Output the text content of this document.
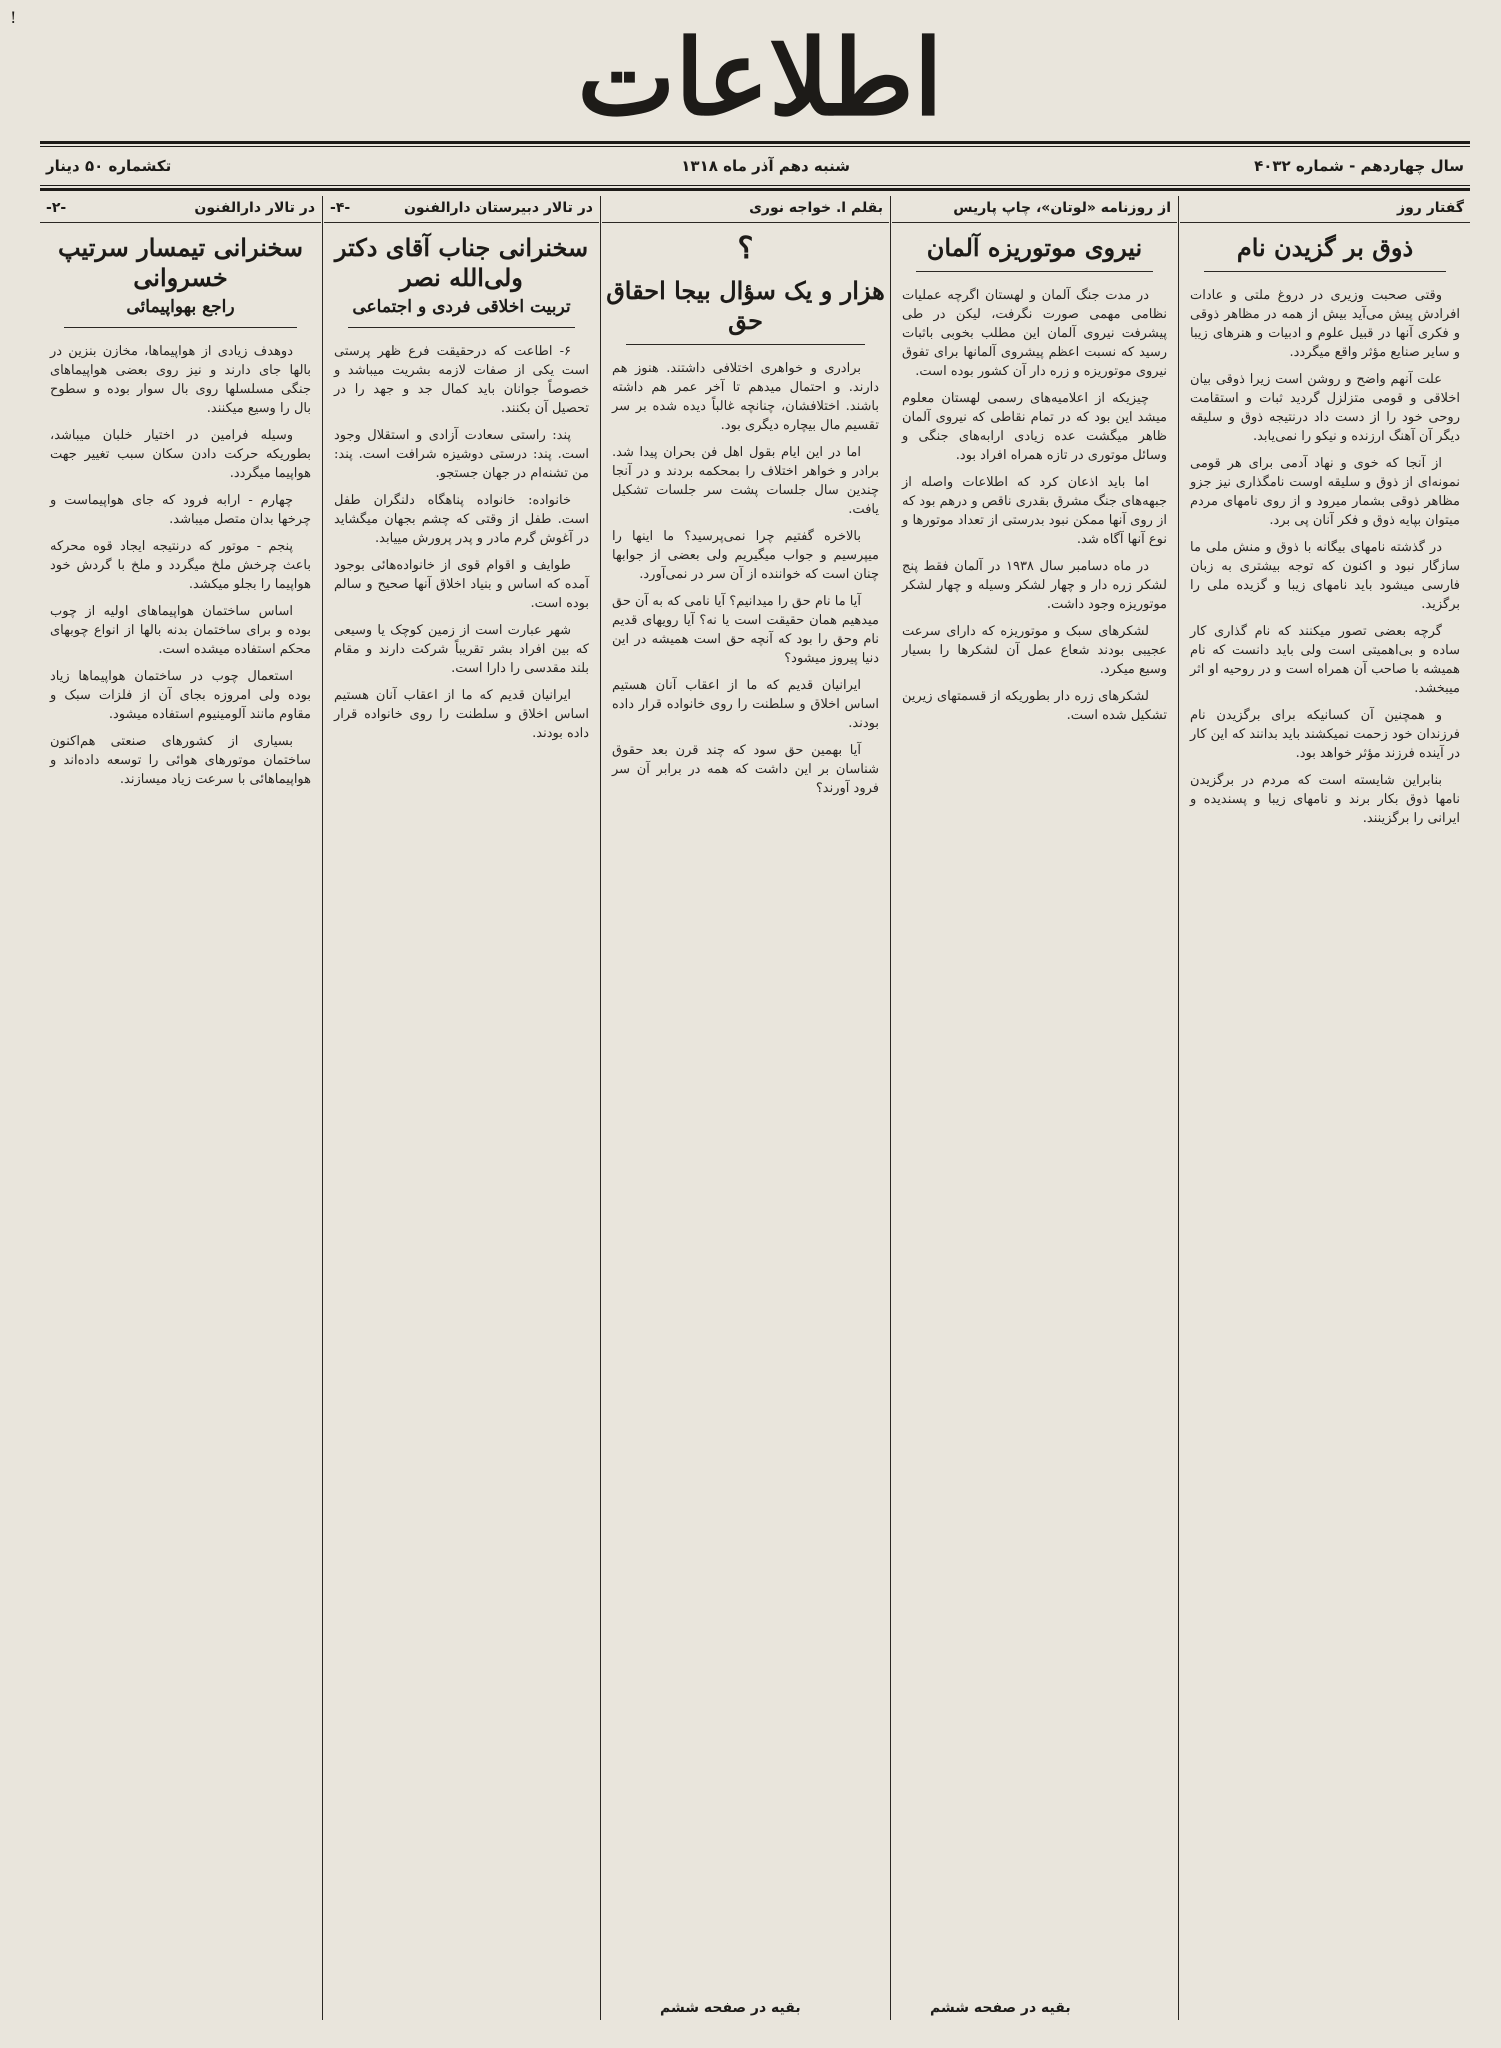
!	اطلاعات
سال چهاردهم - شماره ۴۰۳۲
شنبه دهم آذر ماه ۱۳۱۸
تکشماره ۵۰ دینار
گفتار روز
ذوق بر گزیدن نام

وقتی صحبت وزیری در دروغ ملتی و عادات افرادش پیش می‌آید بیش از همه در مظاهر ذوقی و فکری آنها در قبیل علوم و ادبیات و هنرهای زیبا و سایر صنایع مؤثر واقع میگردد.

علت آنهم واضح و روشن است زیرا ذوقی بیان اخلاقی و قومی متزلزل گردید ثبات و استقامت روحی خود را از دست داد درنتیجه ذوق و سلیقه دیگر آن آهنگ ارزنده و نیکو را نمی‌یابد.

از آنجا که خوی و نهاد آدمی برای هر قومی نمونه‌ای از ذوق و سلیقه اوست نامگذاری نیز جزو مظاهر ذوقی بشمار میرود و از روی نامهای مردم میتوان بپایه ذوق و فکر آنان پی برد.

در گذشته نامهای بیگانه با ذوق و منش ملی ما سازگار نبود و اکنون که توجه بیشتری به زبان فارسی میشود باید نامهای زیبا و گزیده ملی را برگزید.

گرچه بعضی تصور میکنند که نام گذاری کار ساده و بی‌اهمیتی است ولی باید دانست که نام همیشه با صاحب آن همراه است و در روحیه او اثر میبخشد.

و همچنین آن کسانیکه برای برگزیدن نام فرزندان خود زحمت نمیکشند باید بدانند که این کار در آینده فرزند مؤثر خواهد بود.

بنابراین شایسته است که مردم در برگزیدن نامها ذوق بکار برند و نامهای زیبا و پسندیده و ایرانی را برگزینند.

از روزنامه «لوتان»، چاپ پاریس
نیروی موتوریزه آلمان

در مدت جنگ آلمان و لهستان اگرچه عملیات نظامی مهمی صورت نگرفت، لیکن در طی پیشرفت نیروی آلمان این مطلب بخوبی باثبات رسید که نسبت اعظم پیشروی آلمانها برای تفوق نیروی موتوریزه و زره دار آن کشور بوده است.

چیزیکه از اعلامیه‌های رسمی لهستان معلوم میشد این بود که در تمام نقاطی که نیروی آلمان ظاهر میگشت عده زیادی ارابه‌های جنگی و وسائل موتوری در تازه همراه افراد بود.

اما باید اذعان کرد که اطلاعات واصله از جبهه‌های جنگ مشرق بقدری ناقص و درهم بود که از روی آنها ممکن نبود بدرستی از تعداد موتورها و نوع آنها آگاه شد.

در ماه دسامبر سال ۱۹۳۸ در آلمان فقط پنج لشکر زره دار و چهار لشکر وسیله و چهار لشکر موتوریزه وجود داشت.

لشکرهای سبک و موتوریزه که دارای سرعت عجیبی بودند شعاع عمل آن لشکرها را بسیار وسیع میکرد.

لشکرهای زره دار بطوریکه از قسمتهای زیرین تشکیل شده است.

بقیه در صفحه ششم
بقلم ا. خواجه نوری
؟
هزار و یک سؤال بیجا احقاق حق

برادری و خواهری اختلافی داشتند. هنوز هم دارند. و احتمال میدهم تا آخر عمر هم داشته باشند. اختلافشان، چنانچه غالباً دیده شده بر سر تقسیم مال بیچاره دیگری بود.

اما در این ایام بقول اهل فن بحران پیدا شد. برادر و خواهر اختلاف را بمحکمه بردند و در آنجا چندین سال جلسات پشت سر جلسات تشکیل یافت.

بالاخره گفتیم چرا نمی‌پرسید؟ ما اینها را میپرسیم و جواب میگیریم ولی بعضی از جوابها چنان است که خواننده از آن سر در نمی‌آورد.

آیا ما نام حق را میدانیم؟ آیا نامی که به آن حق میدهیم همان حقیقت است یا نه؟ آیا رویهای قدیم نام وحق را بود که آنچه حق است همیشه در این دنیا پیروز میشود؟

ایرانیان قدیم که ما از اعقاب آنان هستیم اساس اخلاق و سلطنت را روی خانواده قرار داده بودند.

آیا بهمین حق سود که چند قرن بعد حقوق شناسان بر این داشت که همه در برابر آن سر فرود آورند؟

بقیه در صفحه ششم
در تالار دبیرستان دارالفنون
-۴-
سخنرانی جناب آقای دکتر ولی‌الله نصر
تربیت اخلاقی فردی و اجتماعی

۶- اطاعت که درحقیقت فرع ظهر پرستی است یکی از صفات لازمه بشریت میباشد و خصوصاً جوانان باید کمال جد و جهد را در تحصیل آن بکنند.

پند: راستی سعادت آزادی و استقلال وجود است. پند: درستی دوشیزه شرافت است. پند: من تشنه‌ام در جهان جستجو.

خانواده: خانواده پناهگاه دلنگران طفل است. طفل از وقتی که چشم بجهان میگشاید در آغوش گرم مادر و پدر پرورش مییابد.

طوایف و اقوام قوی از خانواده‌هائی بوجود آمده که اساس و بنیاد اخلاق آنها صحیح و سالم بوده است.

شهر عبارت است از زمین کوچک یا وسیعی که بین افراد بشر تقریباً شرکت دارند و مقام بلند مقدسی را دارا است.

ایرانیان قدیم که ما از اعقاب آنان هستیم اساس اخلاق و سلطنت را روی خانواده قرار داده بودند.

در تالار دارالفنون
-۲-
سخنرانی تیمسار سرتیپ خسروانی
راجع بهواپیمائی

دوهدف زیادی از هواپیماها، مخازن بنزین در بالها جای دارند و نیز روی بعضی هواپیماهای جنگی مسلسلها روی بال سوار بوده و سطوح بال را وسیع میکنند.

وسیله فرامین در اختیار خلبان میباشد، بطوریکه حرکت دادن سکان سبب تغییر جهت هواپیما میگردد.

چهارم - ارابه فرود که جای هواپیماست و چرخها بدان متصل میباشد.

پنجم - موتور که درنتیجه ایجاد قوه محرکه باعث چرخش ملخ میگردد و ملخ با گردش خود هواپیما را بجلو میکشد.

اساس ساختمان هواپیماهای اولیه از چوب بوده و برای ساختمان بدنه بالها از انواع چوبهای محکم استفاده میشده است.

استعمال چوب در ساختمان هواپیماها زیاد بوده ولی امروزه بجای آن از فلزات سبک و مقاوم مانند آلومینیوم استفاده میشود.

بسیاری از کشورهای صنعتی هم‌اکنون ساختمان موتورهای هوائی را توسعه داده‌اند و هواپیماهائی با سرعت زیاد میسازند.
